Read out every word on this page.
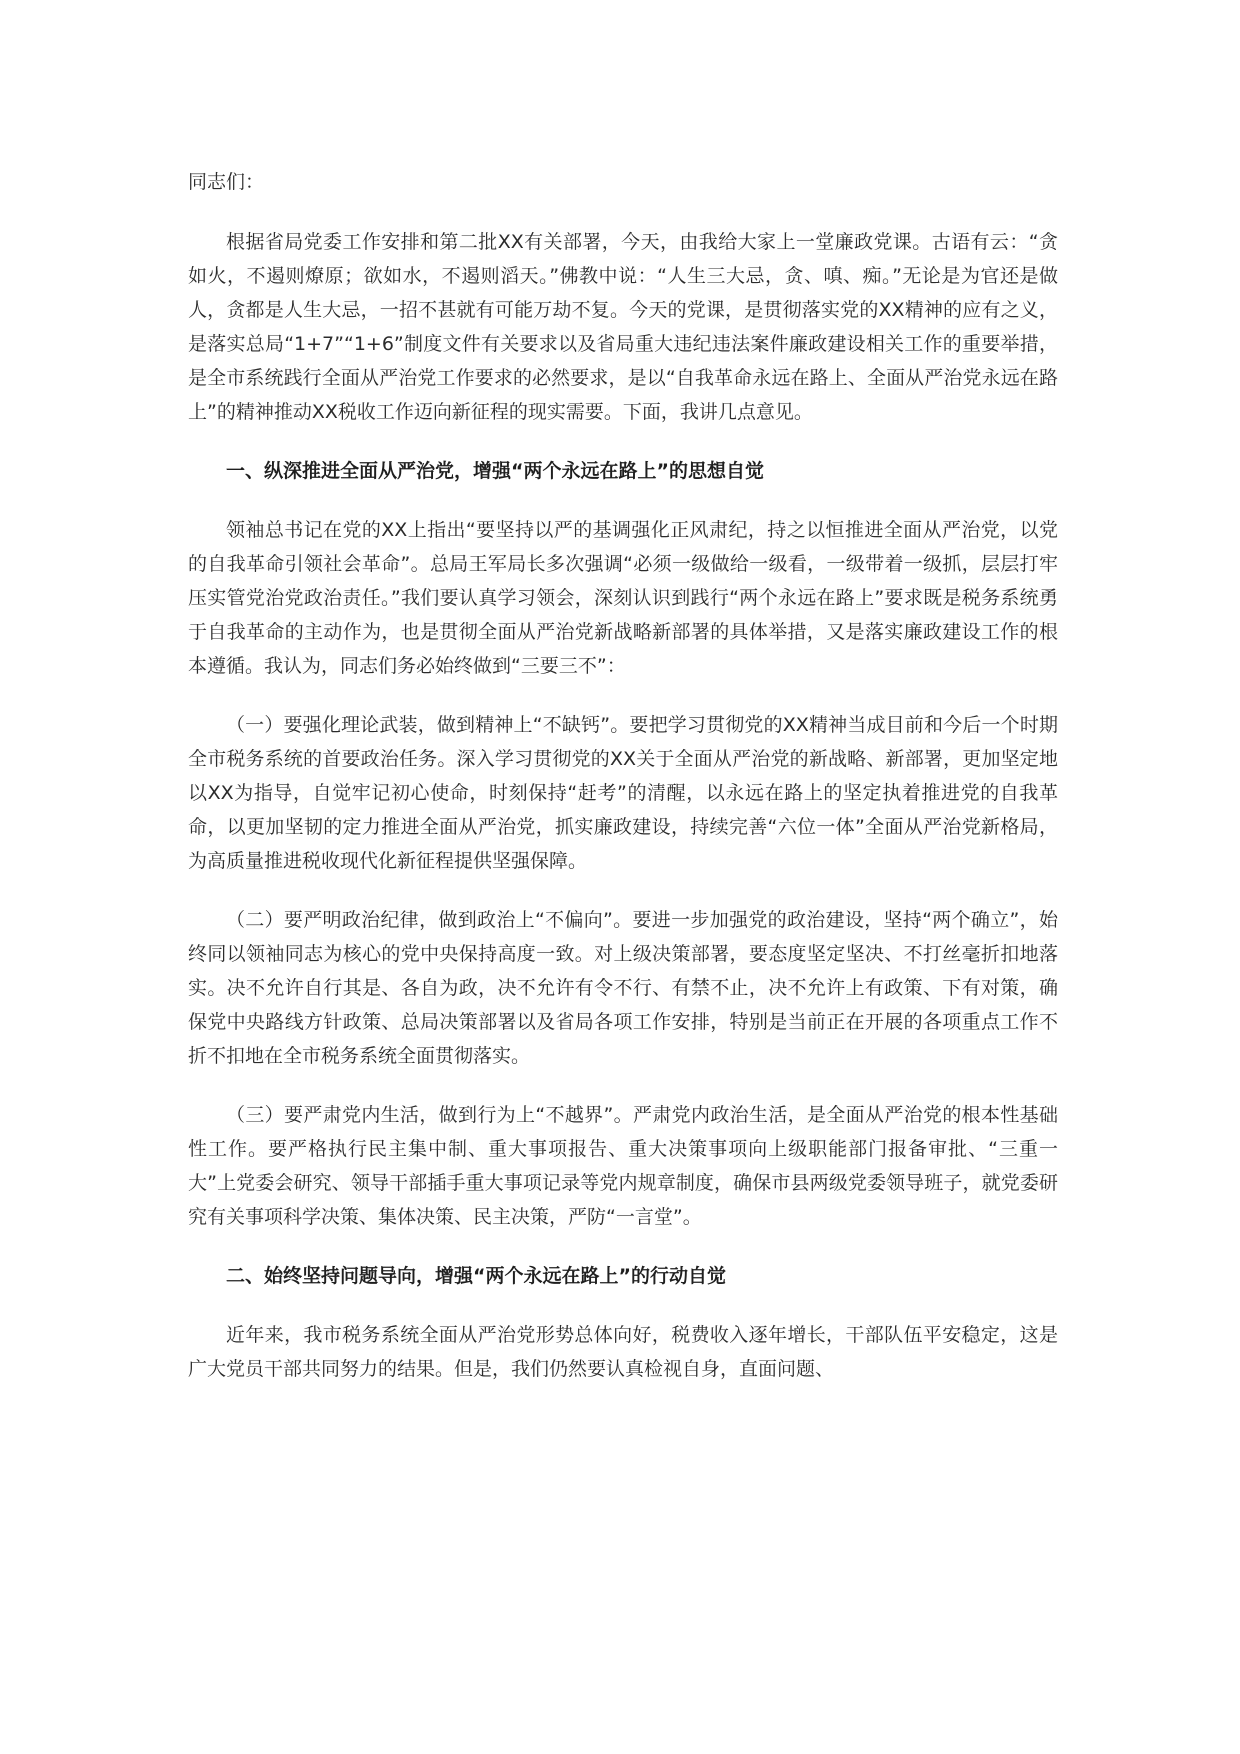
同志们：

根据省局党委工作安排和第二批XX有关部署，今天，由我给大家上一堂廉政党课。古语有云：“贪如火，不遏则燎原；欲如水，不遏则滔天。”佛教中说：“人生三大忌，贪、嗔、痴。”无论是为官还是做人，贪都是人生大忌，一招不甚就有可能万劫不复。今天的党课，是贯彻落实党的XX精神的应有之义，是落实总局“1+7”“1+6”制度文件有关要求以及省局重大违纪违法案件廉政建设相关工作的重要举措，是全市系统践行全面从严治党工作要求的必然要求，是以“自我革命永远在路上、全面从严治党永远在路上”的精神推动XX税收工作迈向新征程的现实需要。下面，我讲几点意见。

一、纵深推进全面从严治党，增强“两个永远在路上”的思想自觉

领袖总书记在党的XX上指出“要坚持以严的基调强化正风肃纪，持之以恒推进全面从严治党，以党的自我革命引领社会革命”。总局王军局长多次强调“必须一级做给一级看，一级带着一级抓，层层打牢压实管党治党政治责任。”我们要认真学习领会，深刻认识到践行“两个永远在路上”要求既是税务系统勇于自我革命的主动作为，也是贯彻全面从严治党新战略新部署的具体举措，又是落实廉政建设工作的根本遵循。我认为，同志们务必始终做到“三要三不”：

（一）要强化理论武装，做到精神上“不缺钙”。要把学习贯彻党的XX精神当成目前和今后一个时期全市税务系统的首要政治任务。深入学习贯彻党的XX关于全面从严治党的新战略、新部署，更加坚定地以XX为指导，自觉牢记初心使命，时刻保持“赶考”的清醒，以永远在路上的坚定执着推进党的自我革命，以更加坚韧的定力推进全面从严治党，抓实廉政建设，持续完善“六位一体”全面从严治党新格局，为高质量推进税收现代化新征程提供坚强保障。

（二）要严明政治纪律，做到政治上“不偏向”。要进一步加强党的政治建设，坚持“两个确立”，始终同以领袖同志为核心的党中央保持高度一致。对上级决策部署，要态度坚定坚决、不打丝毫折扣地落实。决不允许自行其是、各自为政，决不允许有令不行、有禁不止，决不允许上有政策、下有对策，确保党中央路线方针政策、总局决策部署以及省局各项工作安排，特别是当前正在开展的各项重点工作不折不扣地在全市税务系统全面贯彻落实。

（三）要严肃党内生活，做到行为上“不越界”。严肃党内政治生活，是全面从严治党的根本性基础性工作。要严格执行民主集中制、重大事项报告、重大决策事项向上级职能部门报备审批、“三重一大”上党委会研究、领导干部插手重大事项记录等党内规章制度，确保市县两级党委领导班子，就党委研究有关事项科学决策、集体决策、民主决策，严防“一言堂”。

二、始终坚持问题导向，增强“两个永远在路上”的行动自觉

近年来，我市税务系统全面从严治党形势总体向好，税费收入逐年增长，干部队伍平安稳定，这是广大党员干部共同努力的结果。但是，我们仍然要认真检视自身，直面问题、
